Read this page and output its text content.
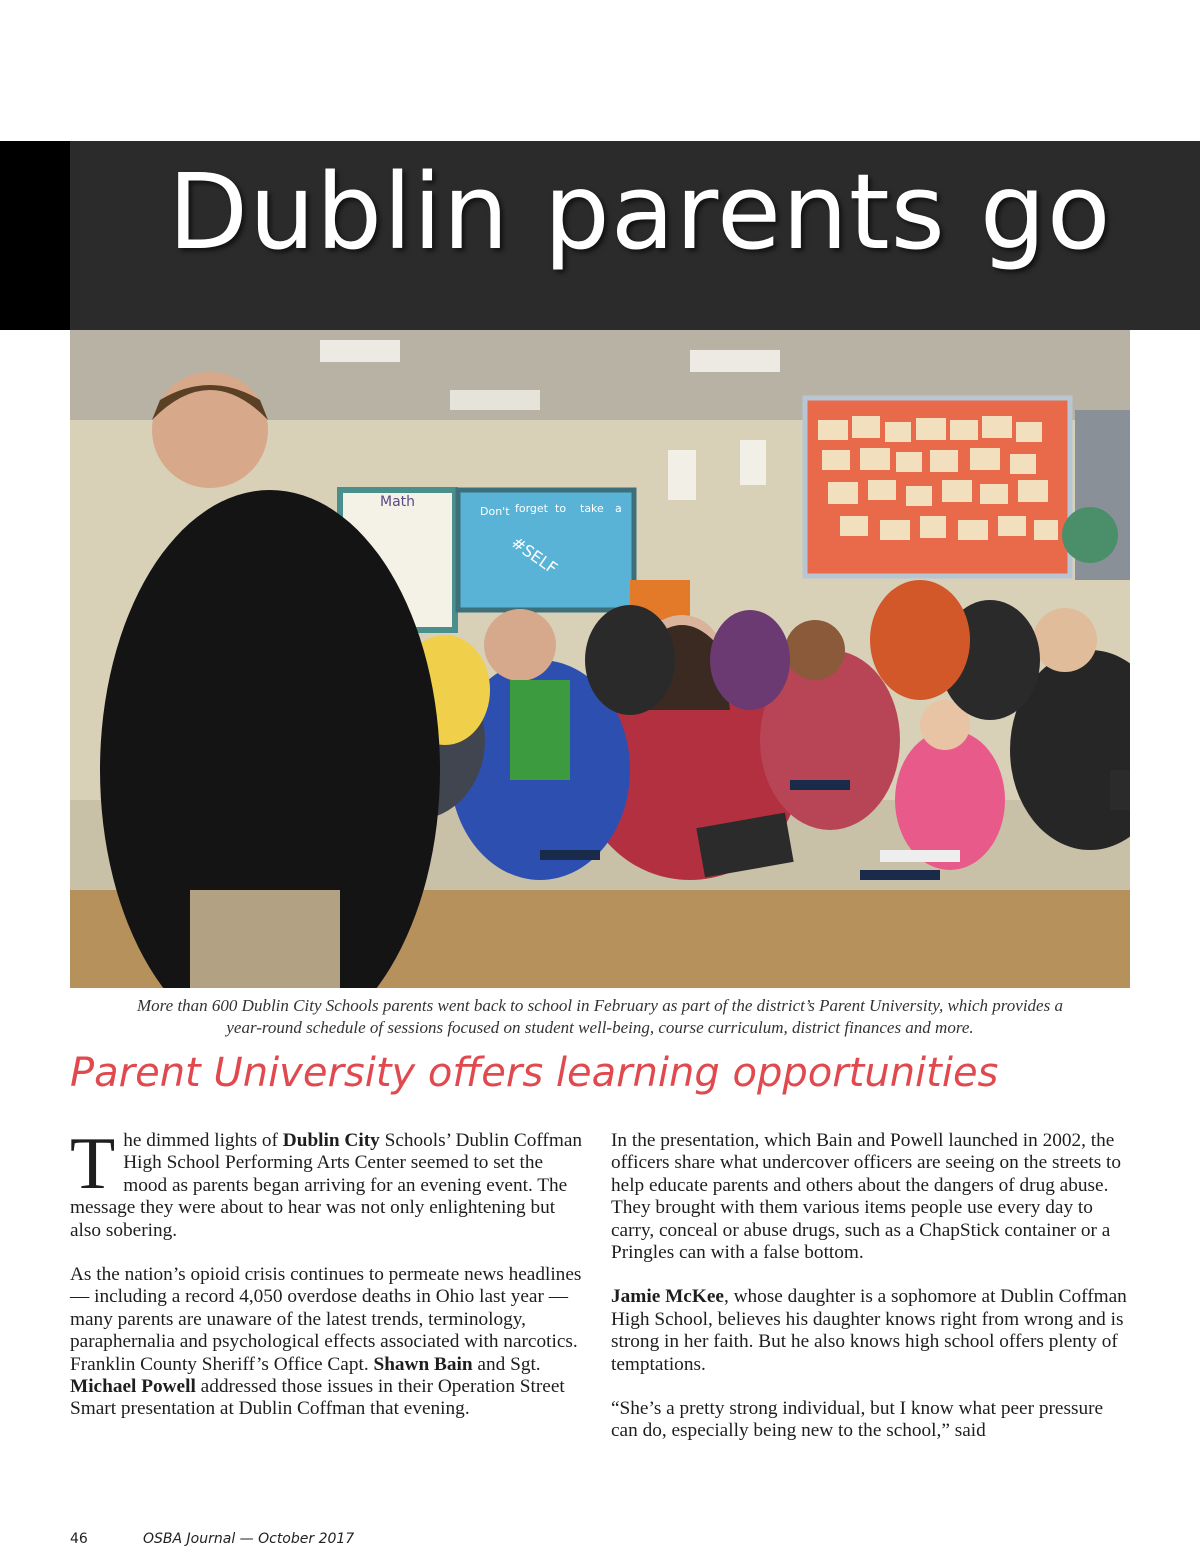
Dublin parents go
Math
Don't forget to take a
#SELF
More than 600 Dublin City Schools parents went back to school in February as part of the district’s Parent University, which provides a
year-round schedule of sessions focused on student well-being, course curriculum, district finances and more.
Parent University offers learning opportunities

The dimmed lights of Dublin City Schools’ Dublin Coffman High School Performing Arts Center seemed to set the mood as parents began arriving for an evening event. The message they were about to hear was not only enlightening but also sobering.

As the nation’s opioid crisis continues to permeate news headlines — including a record 4,050 overdose deaths in Ohio last year — many parents are unaware of the latest trends, terminology, paraphernalia and psychological effects associated with narcotics. Franklin County Sheriff’s Office Capt. Shawn Bain and Sgt. Michael Powell addressed those issues in their Operation Street Smart presentation at Dublin Coffman that evening.

In the presentation, which Bain and Powell launched in 2002, the officers share what undercover officers are seeing on the streets to help educate parents and others about the dangers of drug abuse. They brought with them various items people use every day to carry, conceal or abuse drugs, such as a ChapStick container or a Pringles can with a false bottom.

Jamie McKee, whose daughter is a sophomore at Dublin Coffman High School, believes his daughter knows right from wrong and is strong in her faith. But he also knows high school offers plenty of temptations.

“She’s a pretty strong individual, but I know what peer pressure can do, especially being new to the school,” said

46	OSBA Journal — October 2017
